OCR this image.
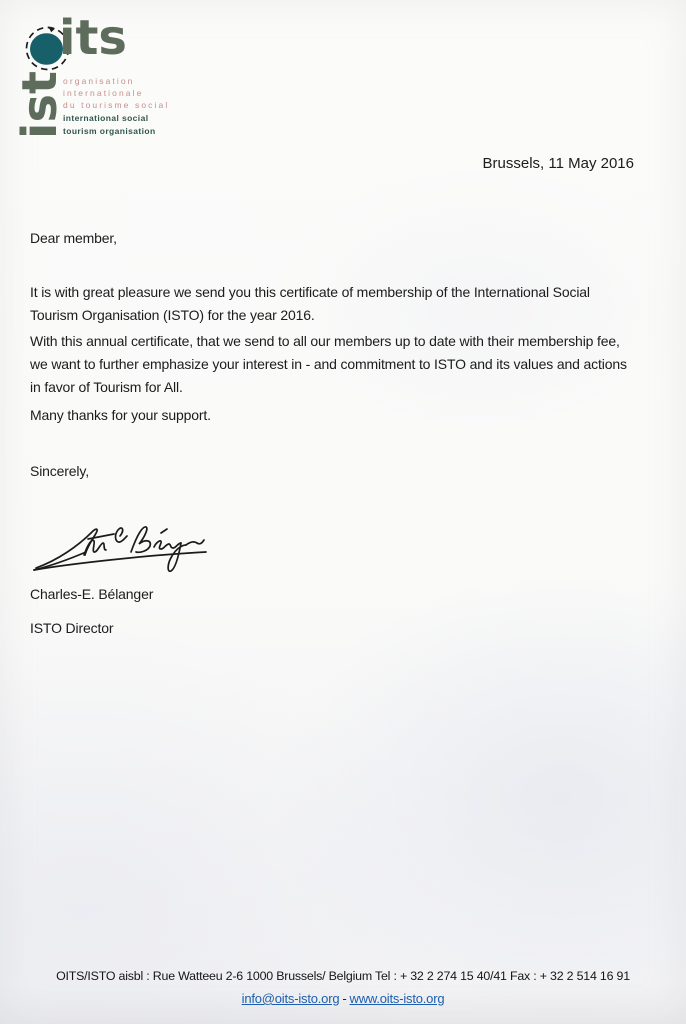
its
ist
organisation
internationale
du tourisme social
international social
tourism organisation
Brussels, 11 May 2016
Dear member,
It is with great pleasure we send you this certificate of membership of the International Social
Tourism Organisation (ISTO) for the year 2016.
With this annual certificate, that we send to all our members up to date with their membership fee,
we want to further emphasize your interest in - and commitment to ISTO and its values and actions
in favor of Tourism for All.
Many thanks for your support.
Sincerely,
Charles-E. Bélanger
ISTO Director
OITS/ISTO aisbl : Rue Watteeu 2-6 1000 Brussels/ Belgium Tel : + 32 2 274 15 40/41 Fax : + 32 2 514 16 91
info@oits-isto.org - www.oits-isto.org
